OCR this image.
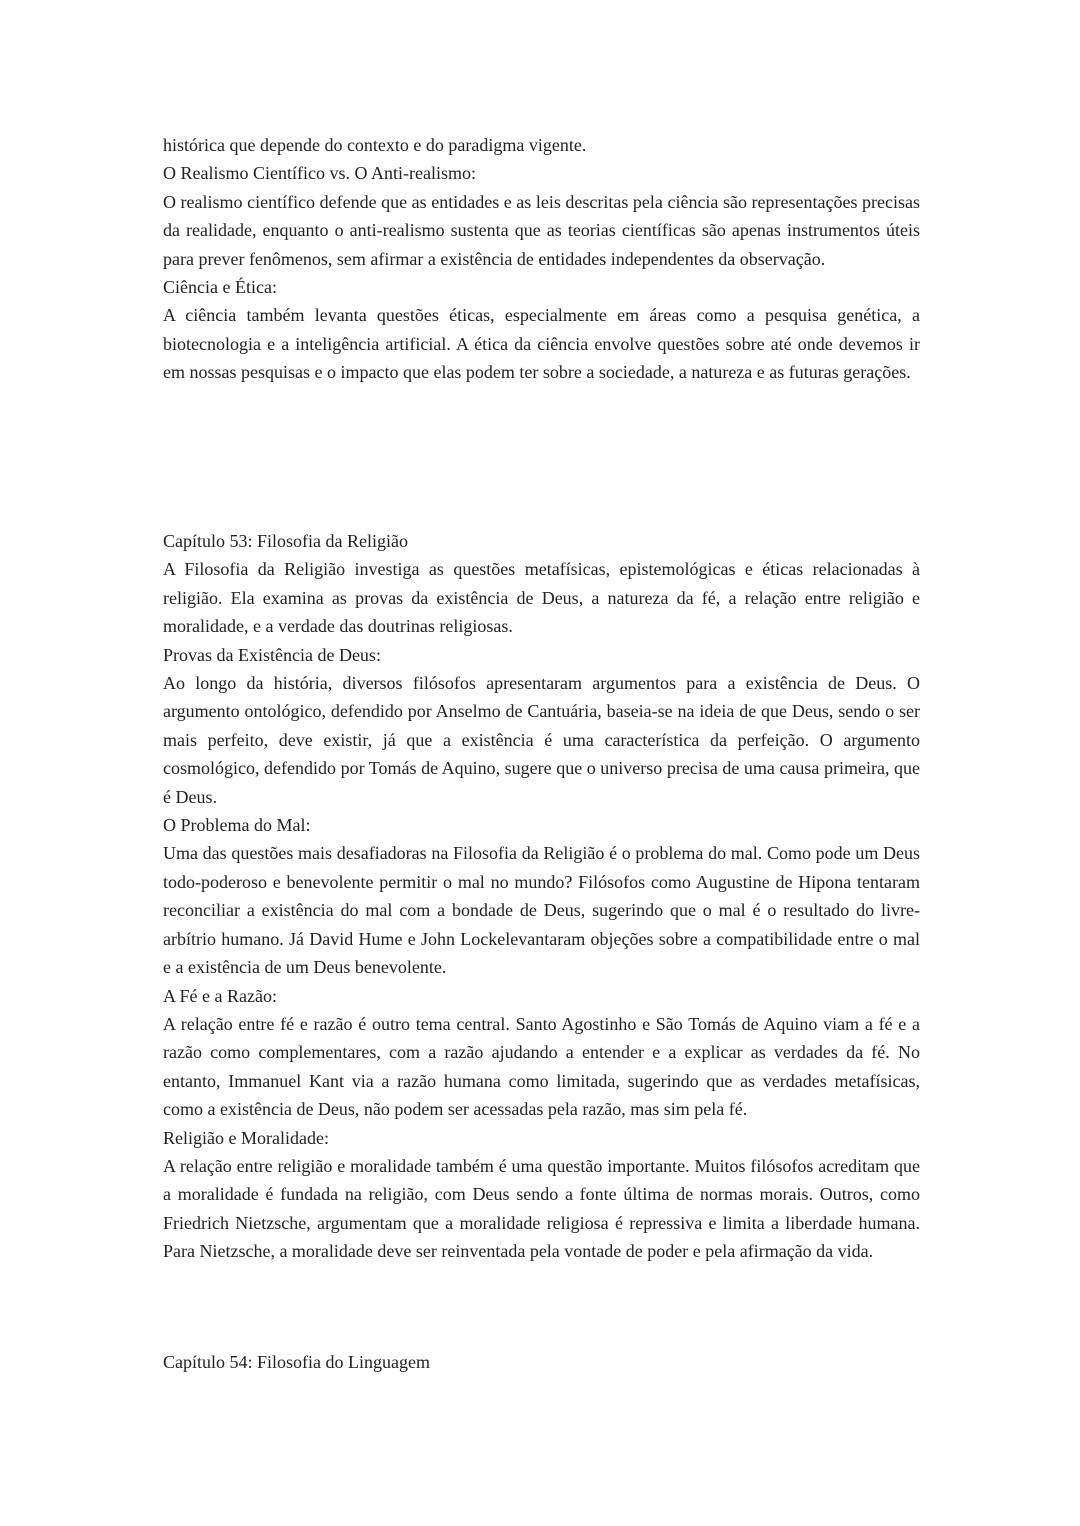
histórica que depende do contexto e do paradigma vigente.

O Realismo Científico vs. O Anti-realismo:

O realismo científico defende que as entidades e as leis descritas pela ciência são representações precisas da realidade, enquanto o anti-realismo sustenta que as teorias científicas são apenas instrumentos úteis para prever fenômenos, sem afirmar a existência de entidades independentes da observação.

Ciência e Ética:

A ciência também levanta questões éticas, especialmente em áreas como a pesquisa genética, a biotecnologia e a inteligência artificial. A ética da ciência envolve questões sobre até onde devemos ir em nossas pesquisas e o impacto que elas podem ter sobre a sociedade, a natureza e as futuras gerações.

Capítulo 53: Filosofia da Religião

A Filosofia da Religião investiga as questões metafísicas, epistemológicas e éticas relacionadas à religião. Ela examina as provas da existência de Deus, a natureza da fé, a relação entre religião e moralidade, e a verdade das doutrinas religiosas.

Provas da Existência de Deus:

Ao longo da história, diversos filósofos apresentaram argumentos para a existência de Deus. O argumento ontológico, defendido por Anselmo de Cantuária, baseia-se na ideia de que Deus, sendo o ser mais perfeito, deve existir, já que a existência é uma característica da perfeição. O argumento cosmológico, defendido por Tomás de Aquino, sugere que o universo precisa de uma causa primeira, que é Deus.

O Problema do Mal:

Uma das questões mais desafiadoras na Filosofia da Religião é o problema do mal. Como pode um Deus todo-poderoso e benevolente permitir o mal no mundo? Filósofos como Augustine de Hipona tentaram reconciliar a existência do mal com a bondade de Deus, sugerindo que o mal é o resultado do livre-arbítrio humano. Já David Hume e John Lockelevantaram objeções sobre a compatibilidade entre o mal e a existência de um Deus benevolente.

A Fé e a Razão:

A relação entre fé e razão é outro tema central. Santo Agostinho e São Tomás de Aquino viam a fé e a razão como complementares, com a razão ajudando a entender e a explicar as verdades da fé. No entanto, Immanuel Kant via a razão humana como limitada, sugerindo que as verdades metafísicas, como a existência de Deus, não podem ser acessadas pela razão, mas sim pela fé.

Religião e Moralidade:

A relação entre religião e moralidade também é uma questão importante. Muitos filósofos acreditam que a moralidade é fundada na religião, com Deus sendo a fonte última de normas morais. Outros, como Friedrich Nietzsche, argumentam que a moralidade religiosa é repressiva e limita a liberdade humana. Para Nietzsche, a moralidade deve ser reinventada pela vontade de poder e pela afirmação da vida.

Capítulo 54: Filosofia do Linguagem
